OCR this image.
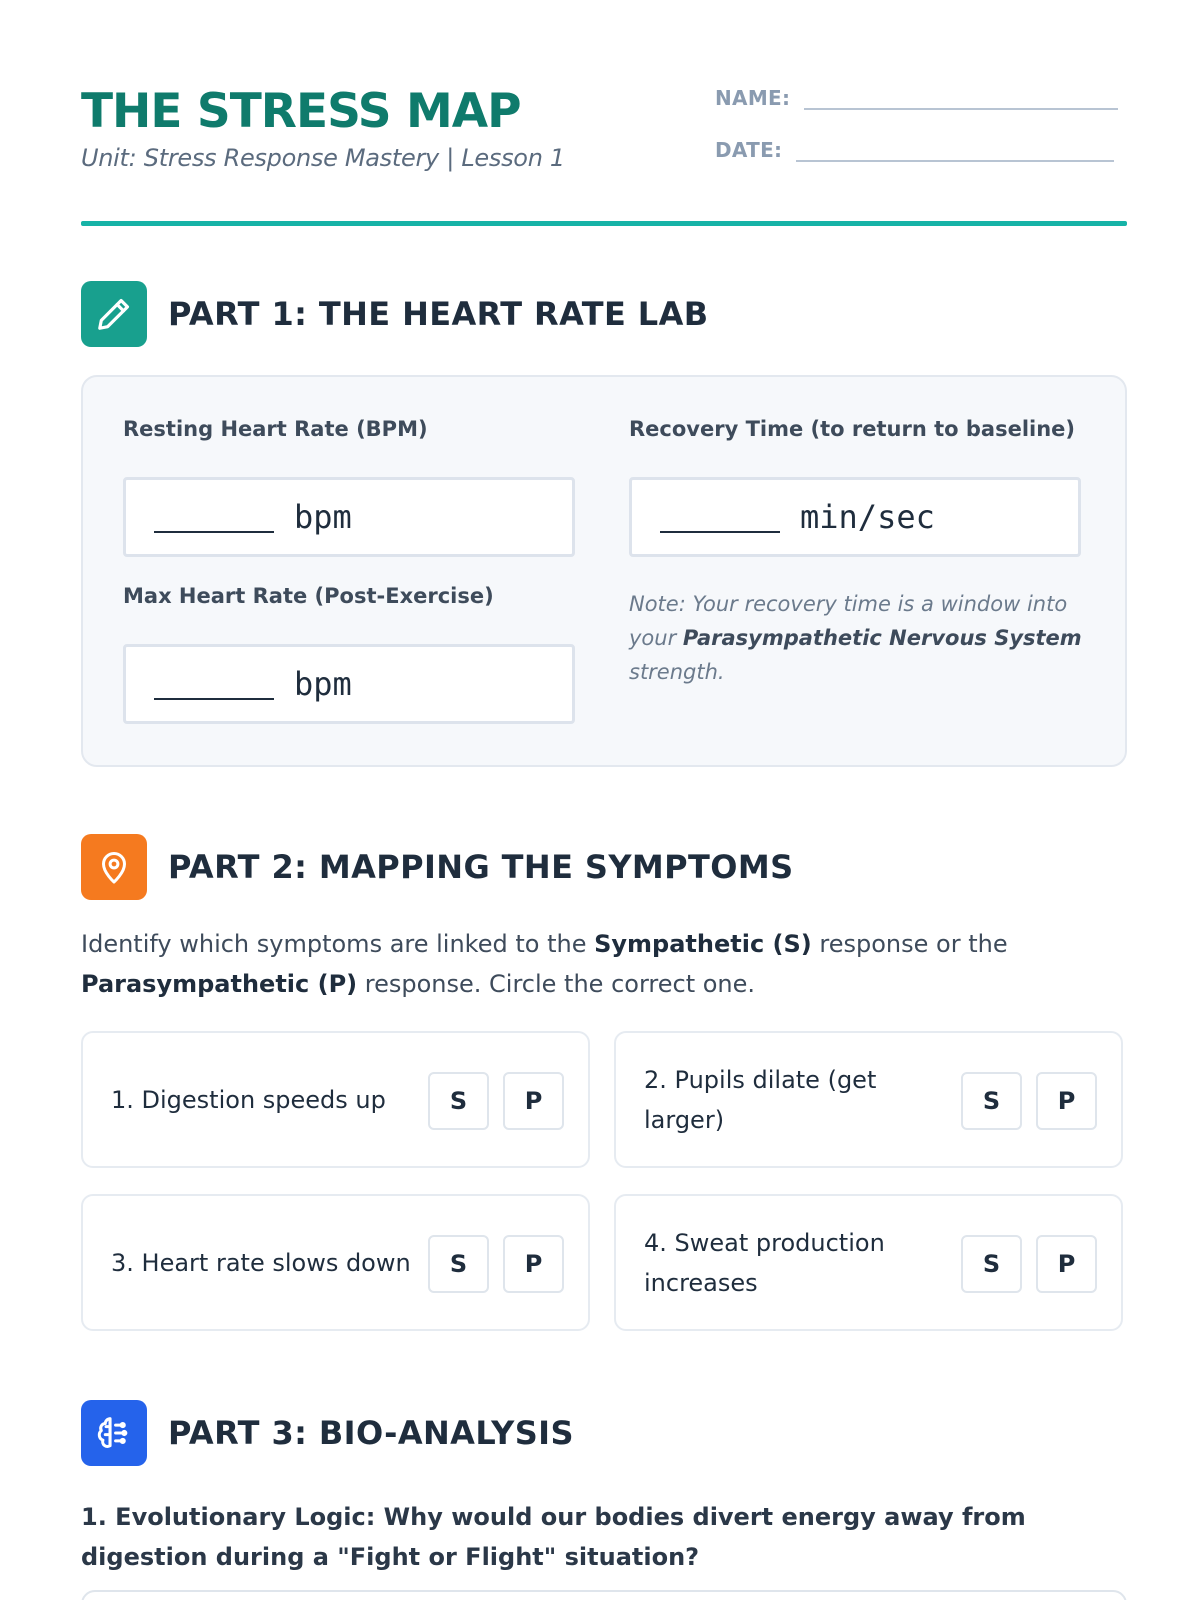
THE STRESS MAP
Unit: Stress Response Mastery | Lesson 1
NAME:
DATE:
PART 1: THE HEART RATE LAB
Resting Heart Rate (BPM)
bpm
Recovery Time (to return to baseline)
min/sec
Max Heart Rate (Post-Exercise)
bpm
Note: Your recovery time is a window into your Parasympathetic Nervous System strength.
PART 2: MAPPING THE SYMPTOMS
Identify which symptoms are linked to the Sympathetic (S) response or the
Parasympathetic (P) response. Circle the correct one.
1. Digestion speeds up	S	P
2. Pupils dilate (get larger)
S	P
3. Heart rate slows down	S	P
4. Sweat production increases
S	P
PART 3: BIO-ANALYSIS
1. Evolutionary Logic: Why would our bodies divert energy away from digestion during a "Fight or Flight" situation?
